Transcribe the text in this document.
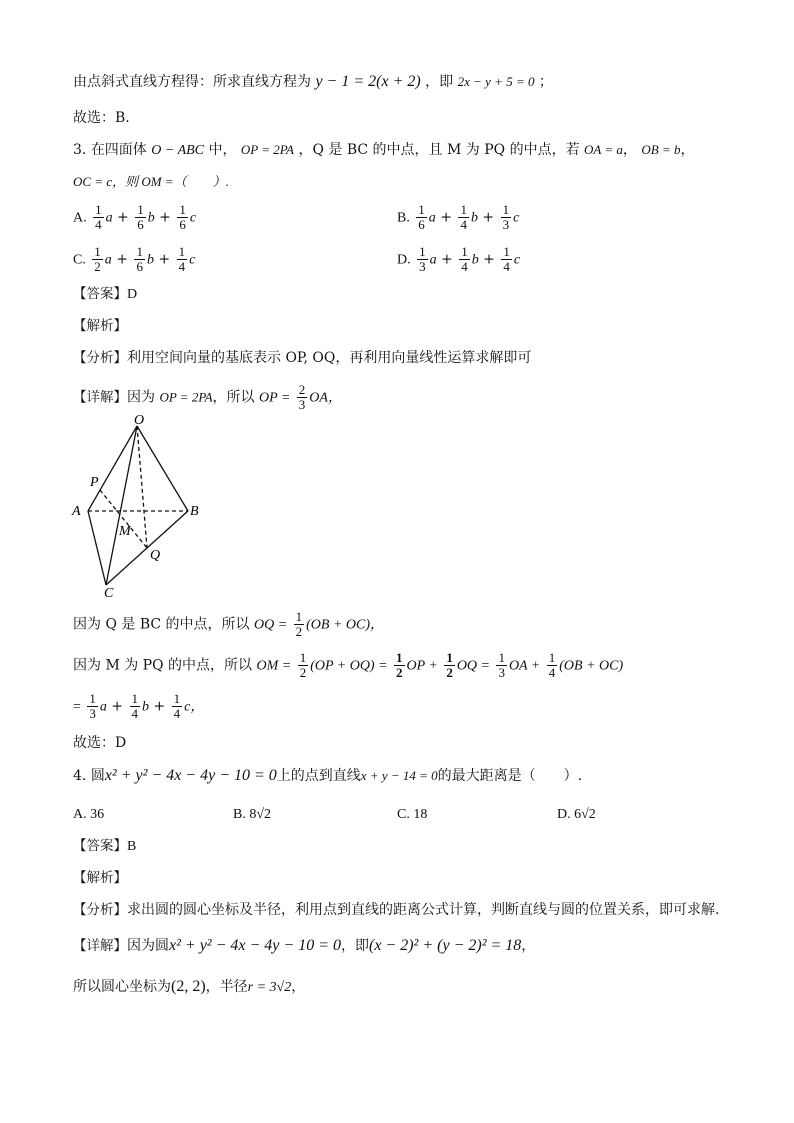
由点斜式直线方程得：所求直线方程为 y − 1 = 2(x + 2) ，即 2x − y + 5 = 0 ；
故选：B.
3. 在四面体 O − ABC 中， OP = 2PA ，Q 是 BC 的中点，且 M 为 PQ 的中点，若 OA = a， OB = b，
OC = c，则 OM =（　　）.
A. $\frac{1}{4}$ $a + \frac{1}{6}$ $b + \frac{1}{6}$ c	B. $\frac{1}{6}$ $a + \frac{1}{4}$ $b + \frac{1}{3}$ c
C. $\frac{1}{2}$ $a + \frac{1}{6}$ $b + \frac{1}{4}$ c	D. $\frac{1}{3}$ $a + \frac{1}{4}$ $b + \frac{1}{4}$ c
【答案】D
【解析】
【分析】利用空间向量的基底表示 OP, OQ，再利用向量线性运算求解即可
【详解】因为 OP = 2PA，所以 OP = $\frac{2}{3}$ OA，
O
P
A	B
M
Q
C
因为 Q 是 BC 的中点，所以 OQ = $\frac{1}{2} (OB + OC)$，
因为 M 为 PQ 的中点，所以 OM = $\frac{1}{2} (OP + OQ) = \frac{1}{2}$ OP + $\frac{1}{2}$ OQ = $\frac{1}{3}$ OA + $\frac{1}{4} (OB + OC)$
= $\frac{1}{3}$ $a + \frac{1}{4}$ $b + \frac{1}{4}$ c，
故选：D
4. 圆x² + y² − 4x − 4y − 10 = 0上的点到直线x + y − 14 = 0的最大距离是（　　）.
A. 36	B. 8√2	C. 18	D. 6√2
【答案】B
【解析】
【分析】求出圆的圆心坐标及半径，利用点到直线的距离公式计算，判断直线与圆的位置关系，即可求解.
【详解】因为圆x² + y² − 4x − 4y − 10 = 0，即(x − 2)² + (y − 2)² = 18，
所以圆心坐标为(2, 2)，半径r = 3√2，
